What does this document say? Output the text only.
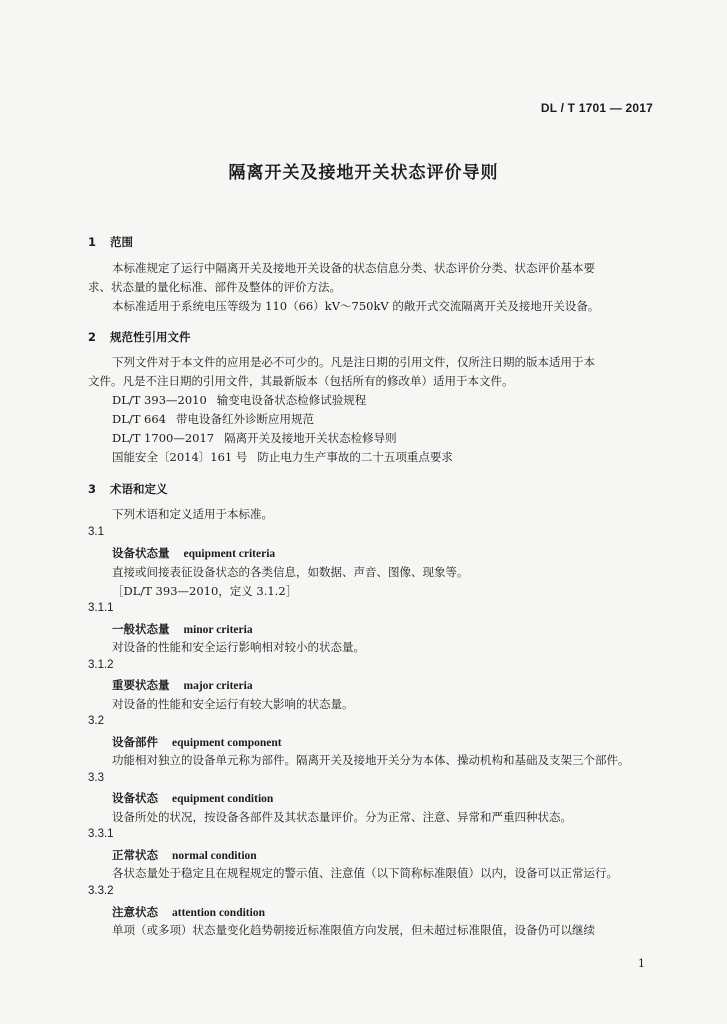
DL / T 1701 — 2017
隔离开关及接地开关状态评价导则
1 范围
本标准规定了运行中隔离开关及接地开关设备的状态信息分类、状态评价分类、状态评价基本要
求、状态量的量化标准、部件及整体的评价方法。
本标准适用于系统电压等级为 110（66）kV～750kV 的敞开式交流隔离开关及接地开关设备。
2 规范性引用文件
下列文件对于本文件的应用是必不可少的。凡是注日期的引用文件，仅所注日期的版本适用于本
文件。凡是不注日期的引用文件，其最新版本（包括所有的修改单）适用于本文件。
DL/T 393—2010 输变电设备状态检修试验规程
DL/T 664 带电设备红外诊断应用规范
DL/T 1700—2017 隔离开关及接地开关状态检修导则
国能安全〔2014〕161 号 防止电力生产事故的二十五项重点要求
3 术语和定义
下列术语和定义适用于本标准。
3.1
设备状态量 equipment criteria
直接或间接表征设备状态的各类信息，如数据、声音、图像、现象等。
［DL/T 393—2010，定义 3.1.2］
3.1.1
一般状态量 minor criteria
对设备的性能和安全运行影响相对较小的状态量。
3.1.2
重要状态量 major criteria
对设备的性能和安全运行有较大影响的状态量。
3.2
设备部件 equipment component
功能相对独立的设备单元称为部件。隔离开关及接地开关分为本体、操动机构和基础及支架三个部件。
3.3
设备状态 equipment condition
设备所处的状况，按设备各部件及其状态量评价。分为正常、注意、异常和严重四种状态。
3.3.1
正常状态 normal condition
各状态量处于稳定且在规程规定的警示值、注意值（以下简称标准限值）以内，设备可以正常运行。
3.3.2
注意状态 attention condition
单项（或多项）状态量变化趋势朝接近标准限值方向发展，但未超过标准限值，设备仍可以继续
1
